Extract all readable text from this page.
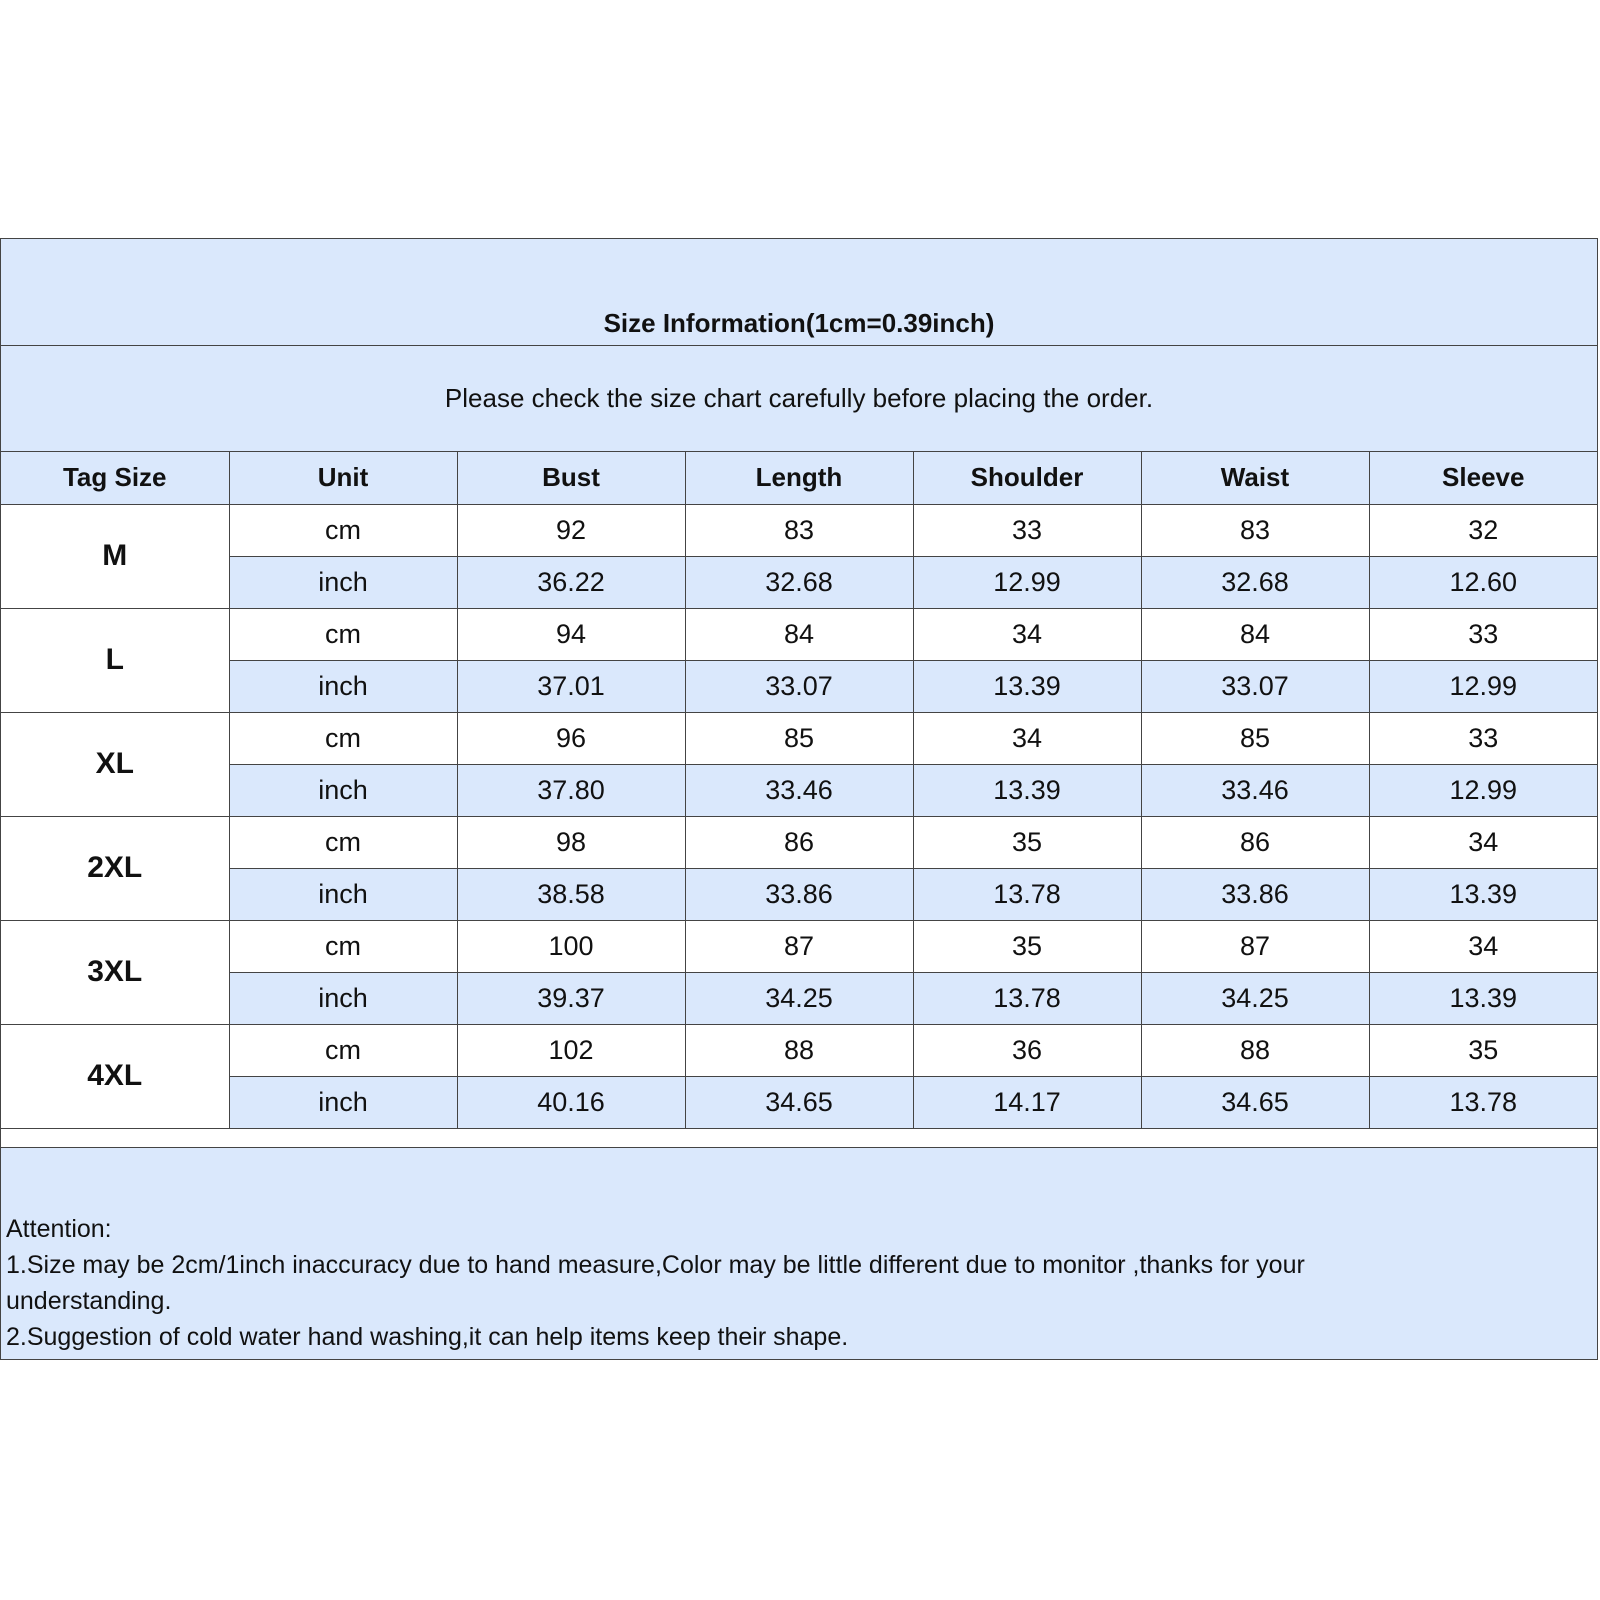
Size Information(1cm=0.39inch)
Please check the size chart carefully before placing the order.
Tag Size	Unit	Bust	Length	Shoulder	Waist	Sleeve
M	cm	92	83	33	83	32
	inch	36.22	32.68	12.99	32.68	12.60
L	cm	94	84	34	84	33
	inch	37.01	33.07	13.39	33.07	12.99
XL	cm	96	85	34	85	33
	inch	37.80	33.46	13.39	33.46	12.99
2XL	cm	98	86	35	86	34
	inch	38.58	33.86	13.78	33.86	13.39
3XL	cm	100	87	35	87	34
	inch	39.37	34.25	13.78	34.25	13.39
4XL	cm	102	88	36	88	35
	inch	40.16	34.65	14.17	34.65	13.78
Attention:
1.Size may be 2cm/1inch inaccuracy due to hand measure,Color may be little different due to monitor ,thanks for your understanding.
2.Suggestion of cold water hand washing,it can help items keep their shape.
